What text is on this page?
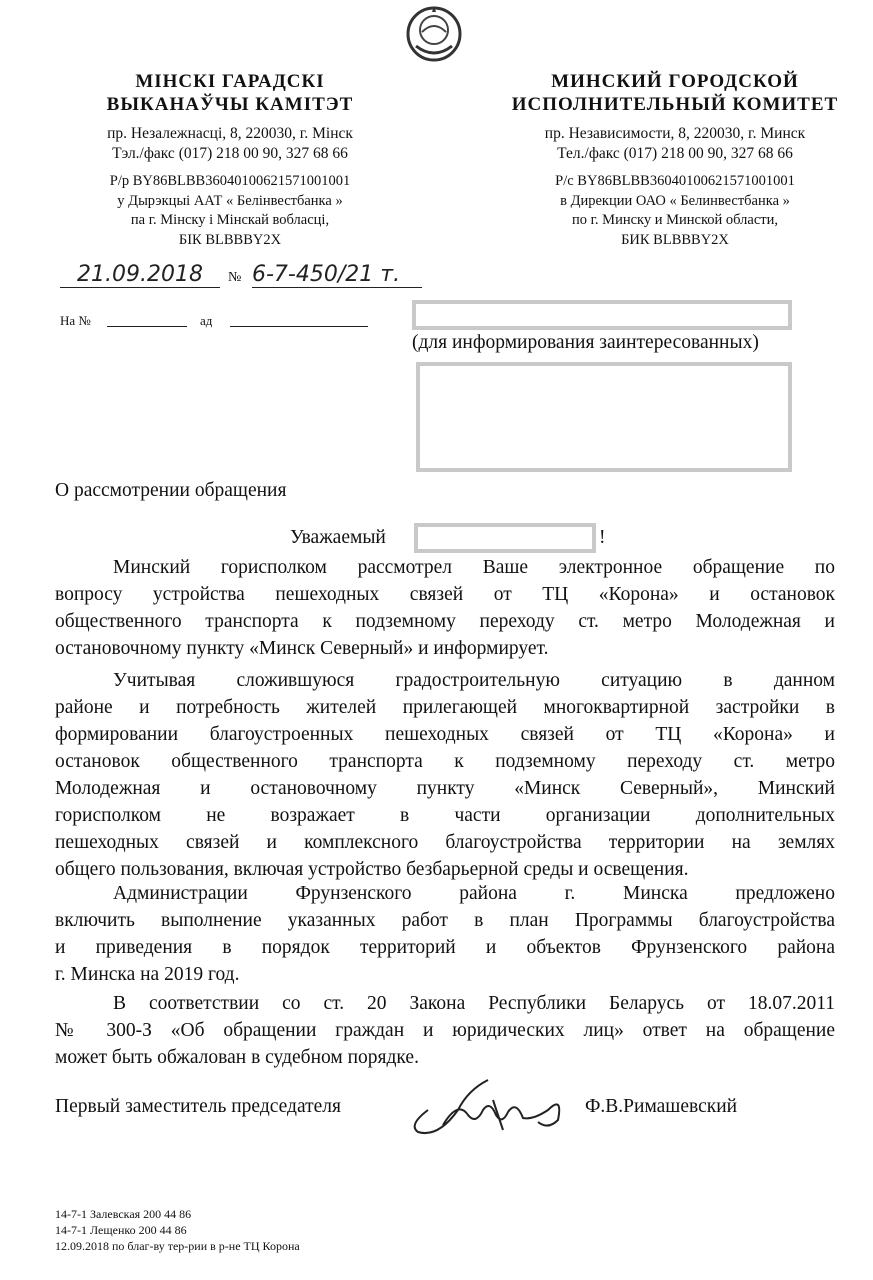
МІНСКІ ГАРАДСКІ
ВЫКАНАЎЧЫ КАМІТЭТ
пр. Незалежнасці, 8, 220030, г. Мінск
Тэл./факс (017) 218 00 90, 327 68 66
Р/р BY86BLBB36040100621571001001
у Дырэкцыі ААТ « Белінвестбанка »
па г. Мінску і Мінскай вобласці,
БІК BLBBBY2X
МИНСКИЙ ГОРОДСКОЙ
ИСПОЛНИТЕЛЬНЫЙ КОМИТЕТ
пр. Независимости, 8, 220030, г. Минск
Тел./факс (017) 218 00 90, 327 68 66
Р/с BY86BLBB36040100621571001001
в Дирекции ОАО « Белинвестбанка »
по г. Минску и Минской области,
БИК BLBBBY2X
21.09.2018	№ 6-7-450/21 т.
На №	ад
(для информирования заинтересованных)
О рассмотрении обращения
Уважаемый	!
Минский горисполком рассмотрел Ваше электронное обращение по
вопросу устройства пешеходных связей от ТЦ «Корона» и остановок
общественного транспорта к подземному переходу ст. метро Молодежная и
остановочному пункту «Минск Северный» и информирует.
Учитывая сложившуюся градостроительную ситуацию в данном
районе и потребность жителей прилегающей многоквартирной застройки в
формировании благоустроенных пешеходных связей от ТЦ «Корона» и
остановок общественного транспорта к подземному переходу ст. метро
Молодежная и остановочному пункту «Минск Северный», Минский
горисполком не возражает в части организации дополнительных
пешеходных связей и комплексного благоустройства территории на землях
общего пользования, включая устройство безбарьерной среды и освещения.
Администрации Фрунзенского района г. Минска предложено
включить выполнение указанных работ в план Программы благоустройства
и приведения в порядок территорий и объектов Фрунзенского района
г. Минска на 2019 год.
В соответствии со ст. 20 Закона Республики Беларусь от 18.07.2011
№ 300-З «Об обращении граждан и юридических лиц» ответ на обращение
может быть обжалован в судебном порядке.
Первый заместитель председателя	Ф.В.Римашевский
14-7-1 Залевская 200 44 86
14-7-1 Лещенко 200 44 86
12.09.2018 по благ-ву тер-рии в р-не ТЦ Корона
